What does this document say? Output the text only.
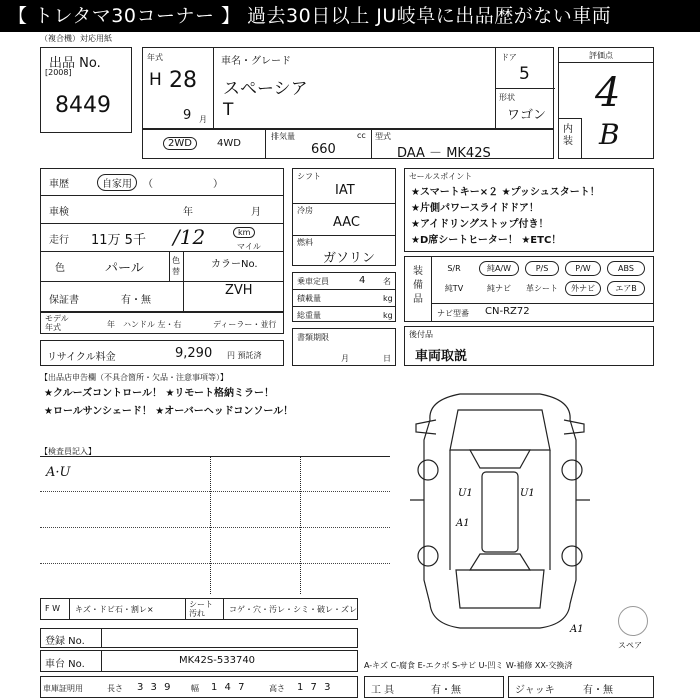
【 トレタマ30コーナー 】 過去30日以上 JU岐阜に出品歴がない車両
（複合機）対応用紙
出品 No.
[2008]
8449
年式
H 28
9 月
車名・グレード
スペーシア
T
ドア
5
形状
ワゴン
評価点
4
内装 B
2WD	4WD
排気量	cc
660
型式
DAA － MK42S
車歴	自家用	（　　　　　　）
車検	年	月
走行 11万 5千 /12	km
マイル
色	パール
色替
カラーNo.
ZVH
保証書	有・無
モデル年式	年 ハンドル 左・右	ディーラー・並行
リサイクル料金	9,290 円 預託済
シフト
IAT
冷房
AAC
燃料
ガソリン
乗車定員	4 名
積載量	kg
総重量	kg
書類期限
月	日
セールスポイント
★スマートキー×２ ★プッシュスタート！
★片側パワースライドドア！
★アイドリングストップ付き！
★D席シートヒーター！ ★ETC！
装備品
S/R	純A/W	P/S	P/W	ABS
純TV	純ナビ	革シート	外ナビ	エアB
ナビ型番 CN-RZ72
後付品
車両取説
【出品店申告欄（不具合箇所・欠品・注意事項等）】
★クルーズコントロール！ ★リモート格納ミラー！
★ロールサンシェード！ ★オーバーヘッドコンソール！
【検査員記入】
A·U
U1
A1
U1
A1
スペア
F W キズ・ドビ石・割レ×
シート汚れ	コゲ・穴・汚レ・シミ・破レ・ズレ
登録 No.
車台 No.	MK42S-533740	A-キズ C-腐食 E-エクボ S-サビ U-凹ミ W-補修 XX-交換済
車庫証明用	長さ 3 3 9 幅 1 4 7	高さ 1 7 3	工 具	有・無	ジャッキ	有・無
